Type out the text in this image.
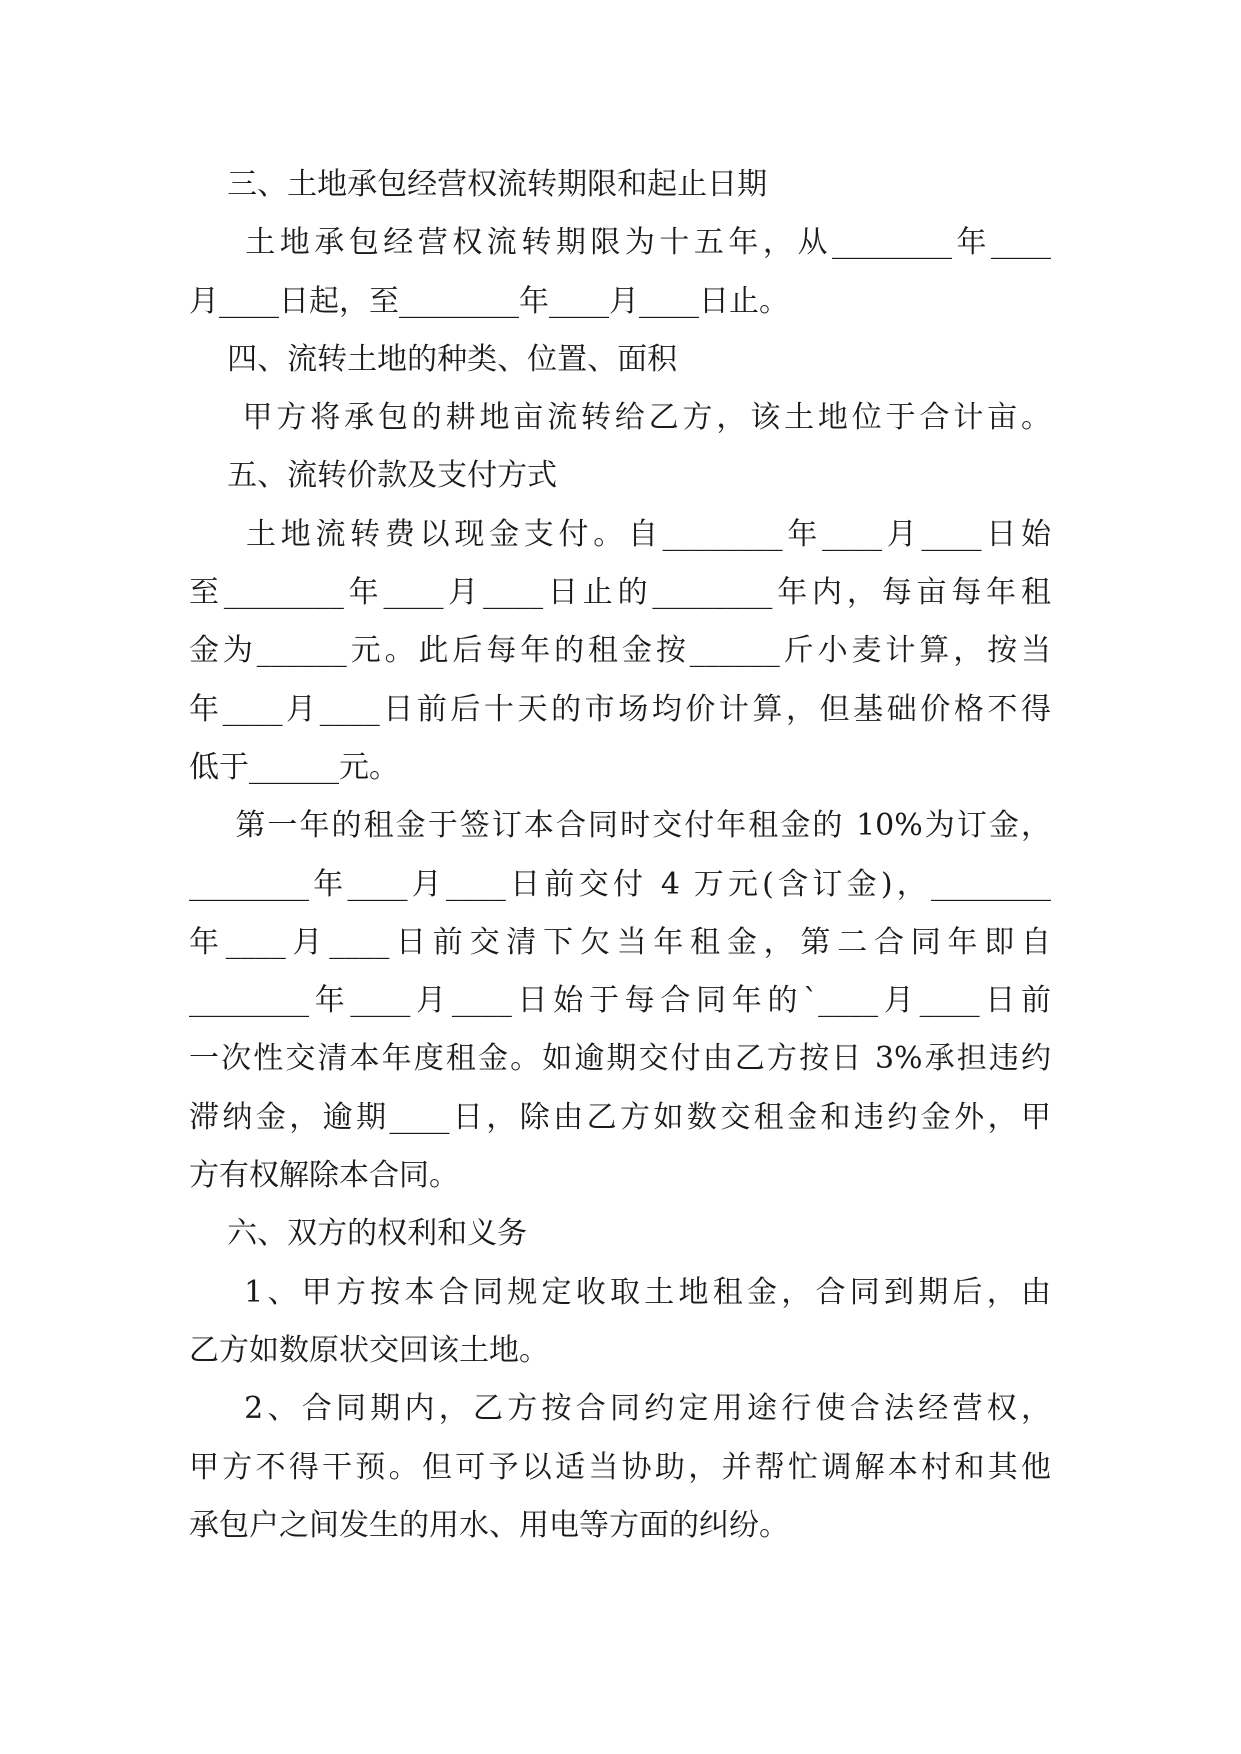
三、土地承包经营权流转期限和起止日期
土地承包经营权流转期限为十五年，从________年____
月____日起，至________年____月____日止。
四、流转土地的种类、位置、面积
甲方将承包的耕地亩流转给乙方，该土地位于合计亩。
五、流转价款及支付方式
土地流转费以现金支付。自________年____月____日始
至________年____月____日止的________年内，每亩每年租
金为______元。此后每年的租金按______斤小麦计算，按当
年____月____日前后十天的市场均价计算，但基础价格不得
低于______元。
第一年的租金于签订本合同时交付年租金的 10%为订金，
________年____月____日前交付 4 万元(含订金)，________
年____月____日前交清下欠当年租金，第二合同年即自
________年____月____日始于每合同年的`____月____日前
一次性交清本年度租金。如逾期交付由乙方按日 3%承担违约
滞纳金，逾期____日，除由乙方如数交租金和违约金外，甲
方有权解除本合同。
六、双方的权利和义务
1、甲方按本合同规定收取土地租金，合同到期后，由
乙方如数原状交回该土地。
2、合同期内，乙方按合同约定用途行使合法经营权，
甲方不得干预。但可予以适当协助，并帮忙调解本村和其他
承包户之间发生的用水、用电等方面的纠纷。
